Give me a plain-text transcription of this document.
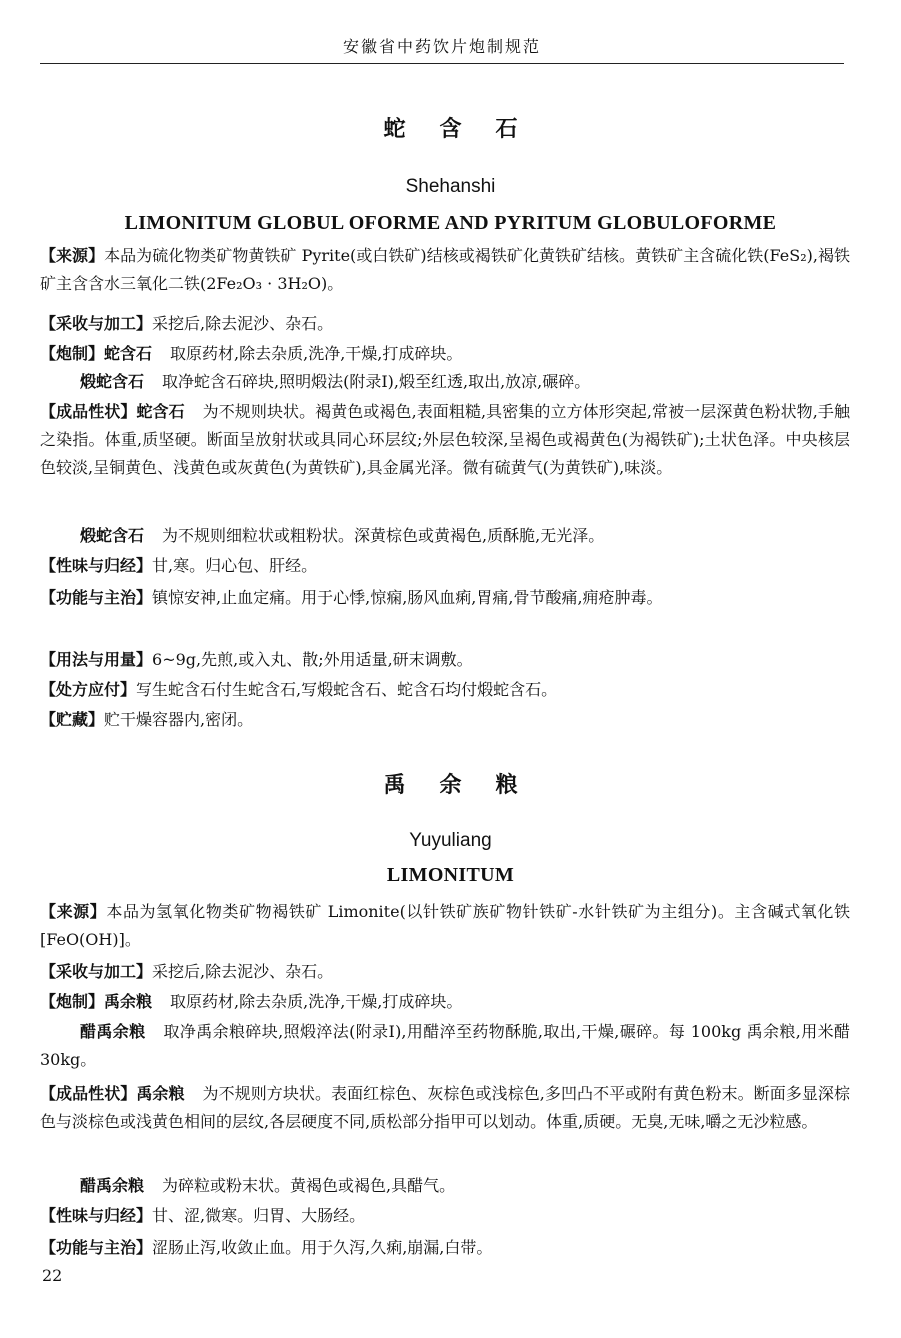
安徽省中药饮片炮制规范
蛇含石
Shehanshi
LIMONITUM GLOBUL OFORME AND PYRITUM GLOBULOFORME
【来源】本品为硫化物类矿物黄铁矿 Pyrite(或白铁矿)结核或褐铁矿化黄铁矿结核。黄铁矿主含硫化铁(FeS₂),褐铁矿主含含水三氧化二铁(2Fe₂O₃ · 3H₂O)。
【采收与加工】采挖后,除去泥沙、杂石。
【炮制】蛇含石 取原药材,除去杂质,洗净,干燥,打成碎块。
煅蛇含石 取净蛇含石碎块,照明煅法(附录Ⅰ),煅至红透,取出,放凉,碾碎。
【成品性状】蛇含石 为不规则块状。褐黄色或褐色,表面粗糙,具密集的立方体形突起,常被一层深黄色粉状物,手触之染指。体重,质坚硬。断面呈放射状或具同心环层纹;外层色较深,呈褐色或褐黄色(为褐铁矿);土状色泽。中央核层色较淡,呈铜黄色、浅黄色或灰黄色(为黄铁矿),具金属光泽。微有硫黄气(为黄铁矿),味淡。
煅蛇含石 为不规则细粒状或粗粉状。深黄棕色或黄褐色,质酥脆,无光泽。
【性味与归经】甘,寒。归心包、肝经。
【功能与主治】镇惊安神,止血定痛。用于心悸,惊痫,肠风血痢,胃痛,骨节酸痛,痈疮肿毒。
【用法与用量】6~9g,先煎,或入丸、散;外用适量,研末调敷。
【处方应付】写生蛇含石付生蛇含石,写煅蛇含石、蛇含石均付煅蛇含石。
【贮藏】贮干燥容器内,密闭。
禹余粮
Yuyuliang
LIMONITUM
【来源】本品为氢氧化物类矿物褐铁矿 Limonite(以针铁矿族矿物针铁矿-水针铁矿为主组分)。主含碱式氧化铁[FeO(OH)]。
【采收与加工】采挖后,除去泥沙、杂石。
【炮制】禹余粮 取原药材,除去杂质,洗净,干燥,打成碎块。
醋禹余粮 取净禹余粮碎块,照煅淬法(附录Ⅰ),用醋淬至药物酥脆,取出,干燥,碾碎。每 100kg 禹余粮,用米醋 30kg。
【成品性状】禹余粮 为不规则方块状。表面红棕色、灰棕色或浅棕色,多凹凸不平或附有黄色粉末。断面多显深棕色与淡棕色或浅黄色相间的层纹,各层硬度不同,质松部分指甲可以划动。体重,质硬。无臭,无味,嚼之无沙粒感。
醋禹余粮 为碎粒或粉末状。黄褐色或褐色,具醋气。
【性味与归经】甘、涩,微寒。归胃、大肠经。
【功能与主治】涩肠止泻,收敛止血。用于久泻,久痢,崩漏,白带。
22
